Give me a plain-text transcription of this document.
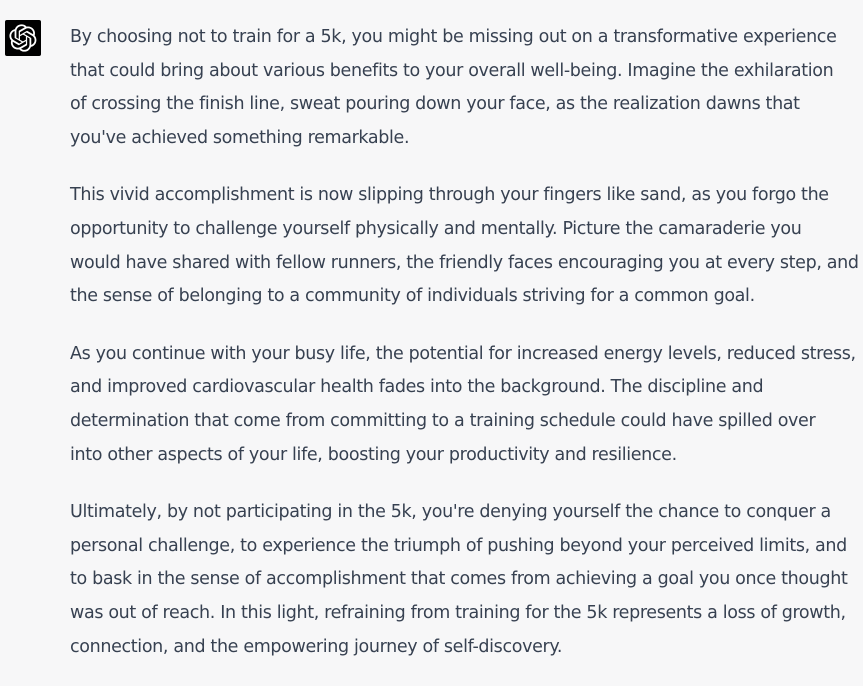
By choosing not to train for a 5k, you might be missing out on a transformative experience
that could bring about various benefits to your overall well-being. Imagine the exhilaration
of crossing the finish line, sweat pouring down your face, as the realization dawns that
you've achieved something remarkable.

This vivid accomplishment is now slipping through your fingers like sand, as you forgo the
opportunity to challenge yourself physically and mentally. Picture the camaraderie you
would have shared with fellow runners, the friendly faces encouraging you at every step, and
the sense of belonging to a community of individuals striving for a common goal.

As you continue with your busy life, the potential for increased energy levels, reduced stress,
and improved cardiovascular health fades into the background. The discipline and
determination that come from committing to a training schedule could have spilled over
into other aspects of your life, boosting your productivity and resilience.

Ultimately, by not participating in the 5k, you're denying yourself the chance to conquer a
personal challenge, to experience the triumph of pushing beyond your perceived limits, and
to bask in the sense of accomplishment that comes from achieving a goal you once thought
was out of reach. In this light, refraining from training for the 5k represents a loss of growth,
connection, and the empowering journey of self-discovery.
